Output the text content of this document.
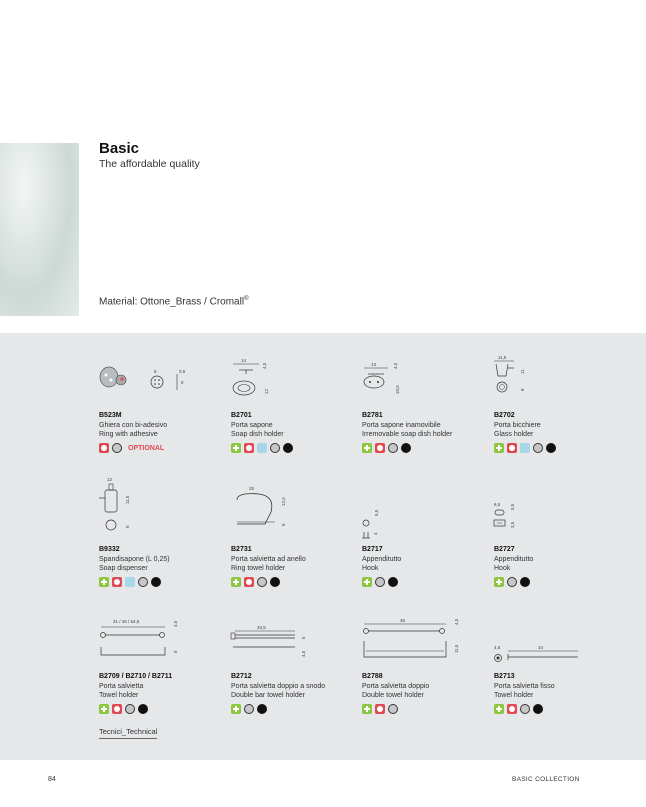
Basic
The affordable quality
Material: Ottone_Brass / Cromall®
8	0,5
8
B523M
Ghiera con bi-adesivo
Ring with adhesive
OPTIONAL
14
4,5
12
B2701
Porta sapone
Soap dish holder
13	4,5
10,5
B2781
Porta sapone inamovibile
Irremovable soap dish holder
11,5
11
8
B2702
Porta bicchiere
Glass holder
12
11,5
8
B9332
Spandisapone (L 0,25)
Soap dispenser
25
12,5
8
B2731
Porta salvietta ad anello
Ring towel holder
5,5
4
B2717
Appenditutto
Hook
6,5 5,5
3,5
B2727
Appenditutto
Hook
31 / 46 / 64,5	4,5
8
B2709 / B2710 / B2711
Porta salvietta
Towel holder
34,5
5
4,5
B2712
Porta salvietta doppio a snodo
Double bar towel holder
46	4,5
11,5
B2788
Porta salvietta doppio
Double towel holder
4,5	34
B2713
Porta salvietta fisso
Towel holder
Tecnici_Technical
84	BASIC COLLECTION
